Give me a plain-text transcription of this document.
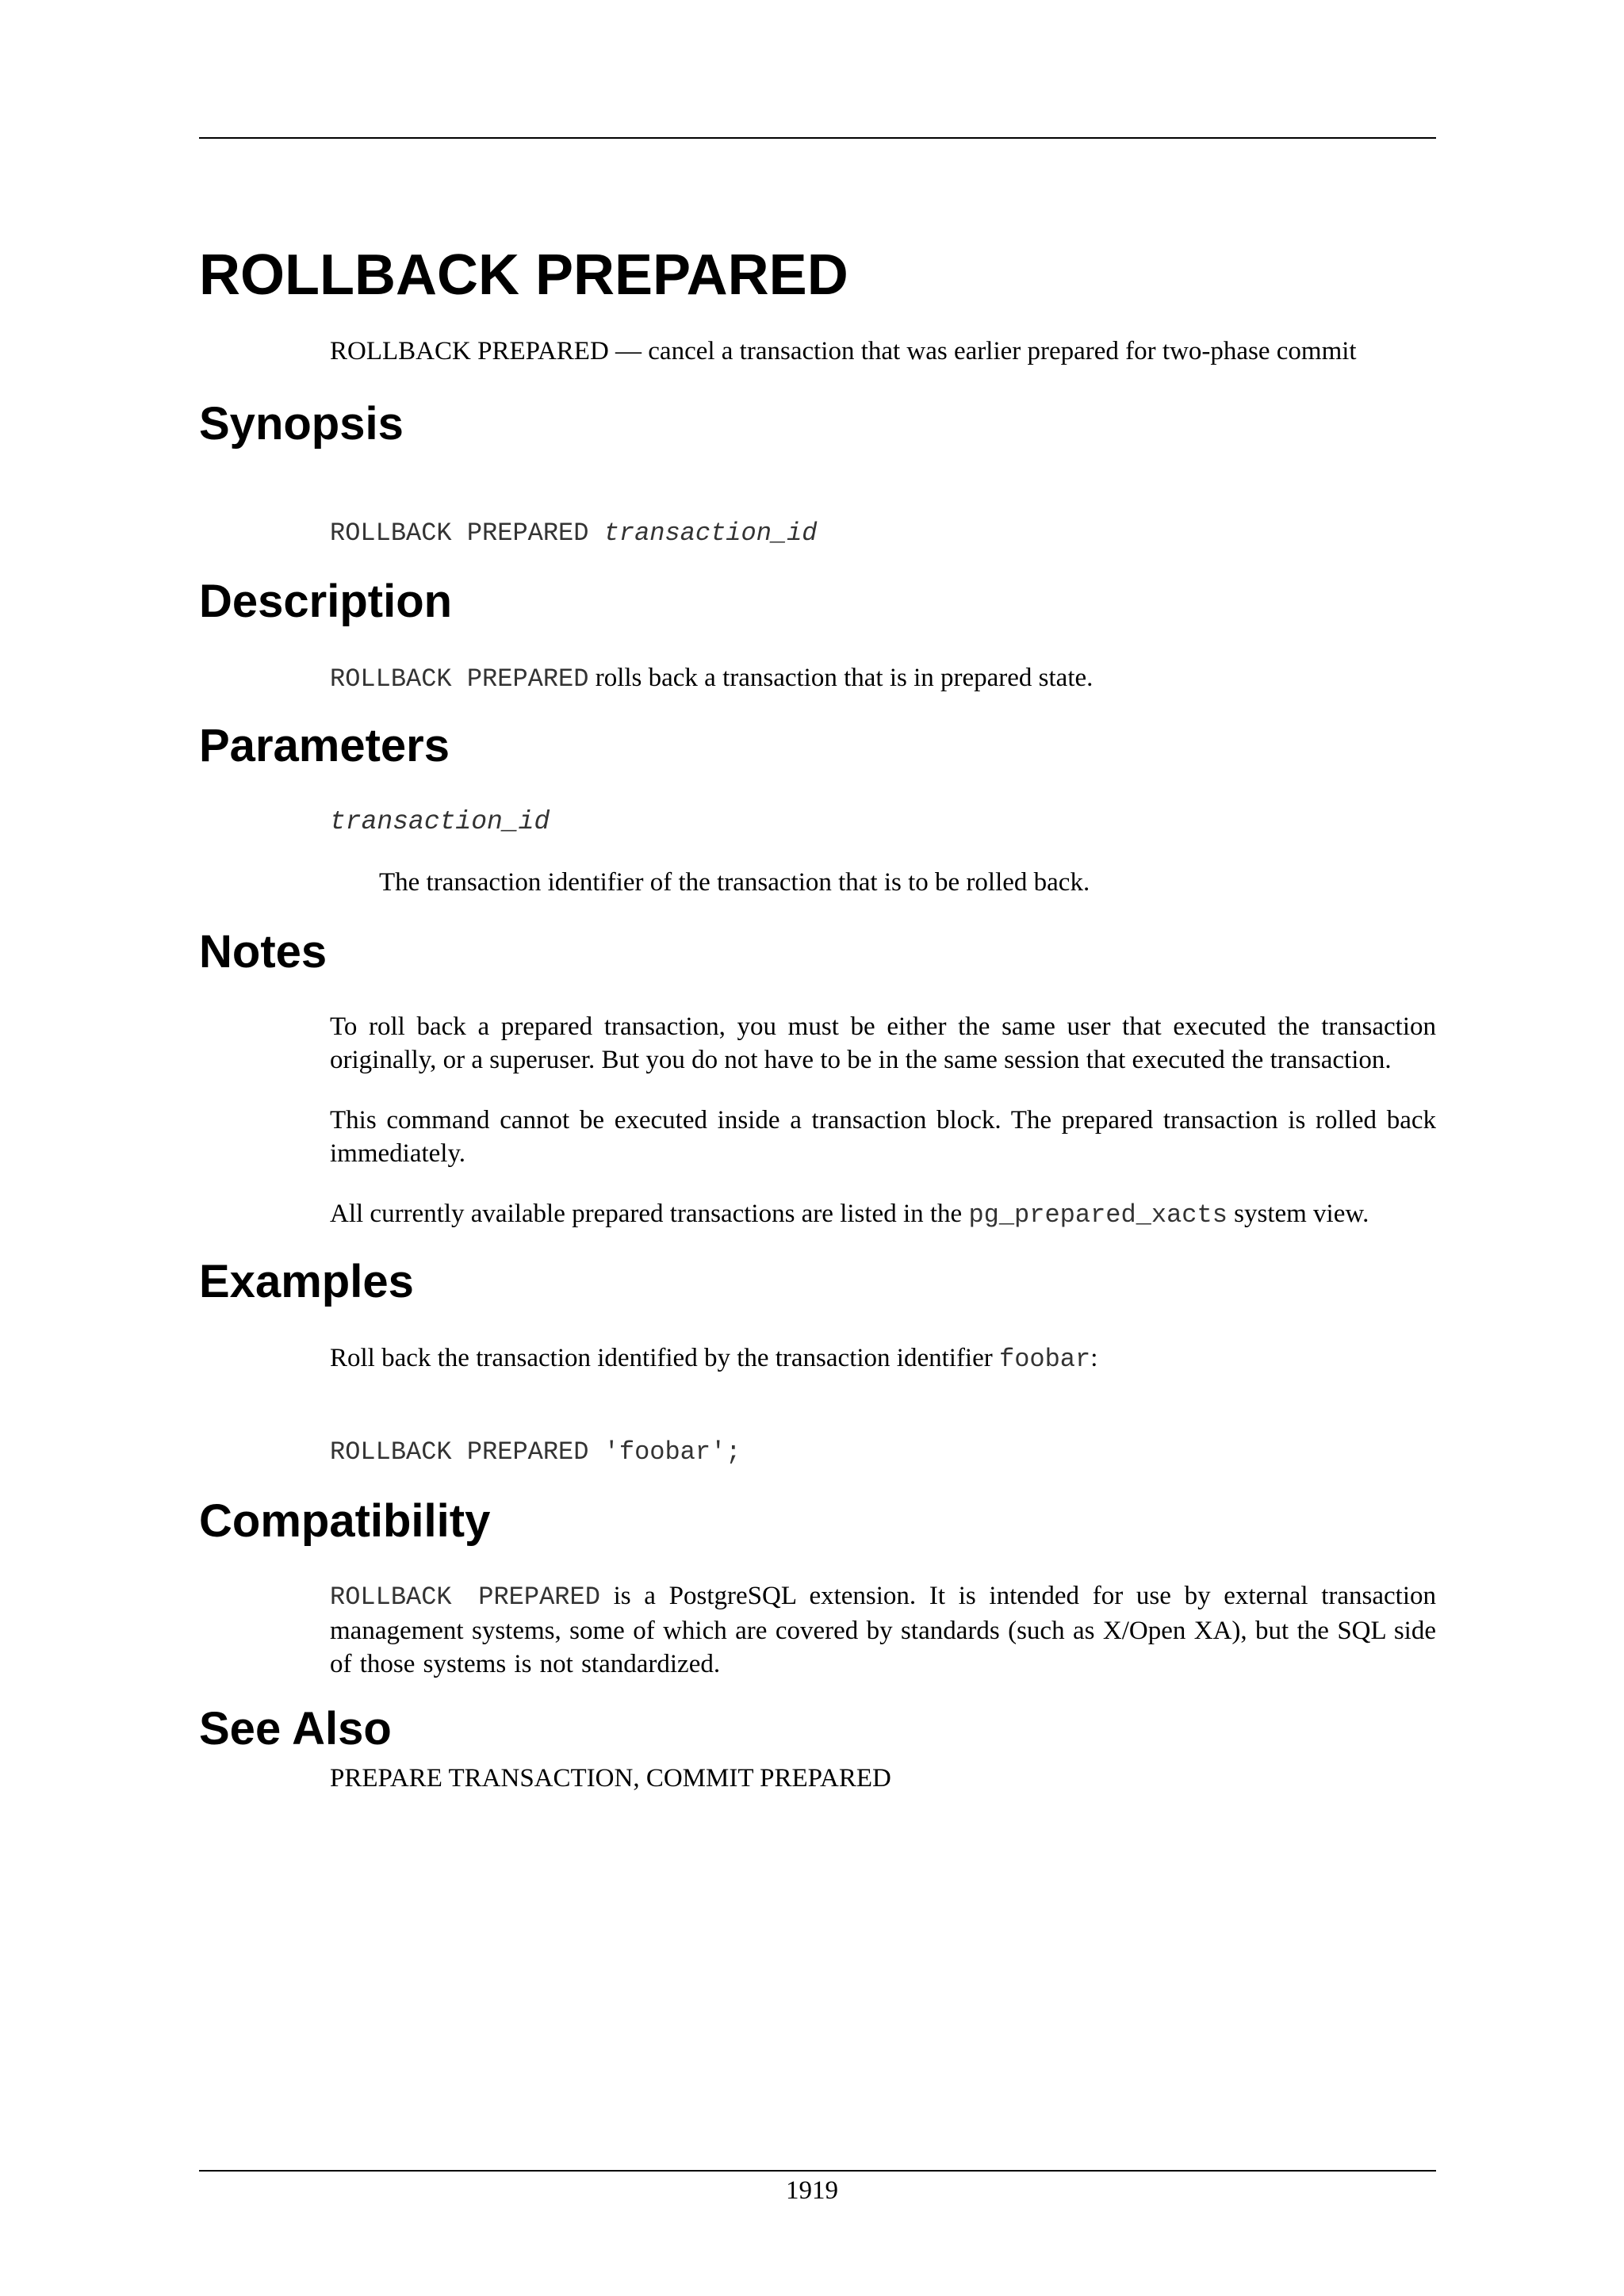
ROLLBACK PREPARED

ROLLBACK PREPARED — cancel a transaction that was earlier prepared for two-phase commit

Synopsis
ROLLBACK PREPARED transaction_id
Description

ROLLBACK PREPARED rolls back a transaction that is in prepared state.

Parameters

transaction_id

The transaction identifier of the transaction that is to be rolled back.

Notes

To roll back a prepared transaction, you must be either the same user that executed the transaction originally, or a superuser. But you do not have to be in the same session that executed the transaction.

This command cannot be executed inside a transaction block. The prepared transaction is rolled back immediately.

All currently available prepared transactions are listed in the pg_prepared_xacts system view.

Examples

Roll back the transaction identified by the transaction identifier foobar:

ROLLBACK PREPARED 'foobar';
Compatibility

ROLLBACK PREPARED is a PostgreSQL extension. It is intended for use by external transaction management systems, some of which are covered by standards (such as X/Open XA), but the SQL side of those systems is not standardized.

See Also

PREPARE TRANSACTION, COMMIT PREPARED

1919
